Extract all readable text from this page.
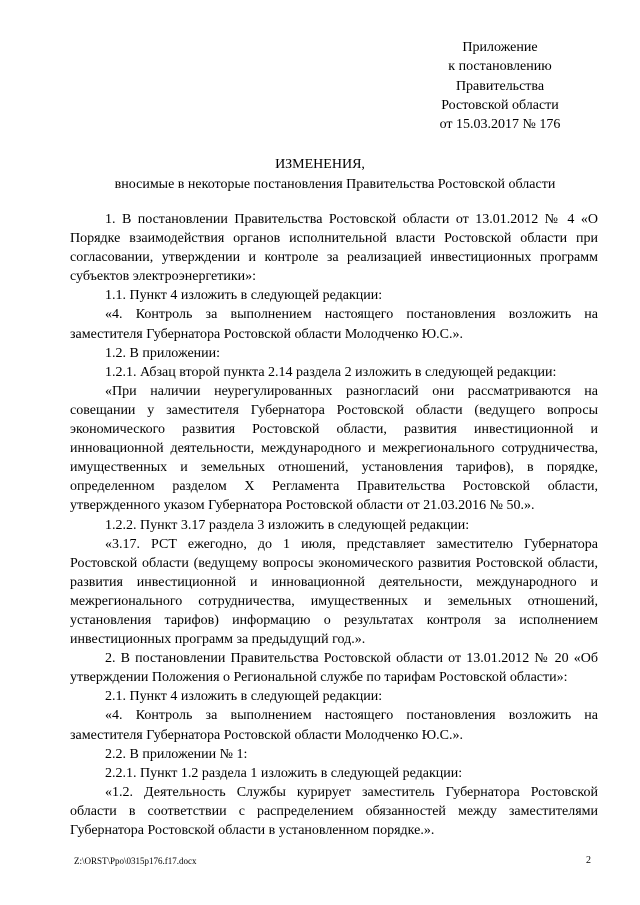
Приложение
к постановлению
Правительства
Ростовской области
от 15.03.2017 № 176
ИЗМЕНЕНИЯ,
вносимые в некоторые постановления Правительства Ростовской области

1. В постановлении Правительства Ростовской области от 13.01.2012 № 4 «О Порядке взаимодействия органов исполнительной власти Ростовской области при согласовании, утверждении и контроле за реализацией инвестиционных программ субъектов электроэнергетики»:

1.1. Пункт 4 изложить в следующей редакции:

«4. Контроль за выполнением настоящего постановления возложить на заместителя Губернатора Ростовской области Молодченко Ю.С.».

1.2. В приложении:

1.2.1. Абзац второй пункта 2.14 раздела 2 изложить в следующей редакции:

«При наличии неурегулированных разногласий они рассматриваются на совещании у заместителя Губернатора Ростовской области (ведущего вопросы экономического развития Ростовской области, развития инвестиционной и инновационной деятельности, международного и межрегионального сотрудничества, имущественных и земельных отношений, установления тарифов), в порядке, определенном разделом X Регламента Правительства Ростовской области, утвержденного указом Губернатора Ростовской области от 21.03.2016 № 50.».

1.2.2. Пункт 3.17 раздела 3 изложить в следующей редакции:

«3.17. РСТ ежегодно, до 1 июля, представляет заместителю Губернатора Ростовской области (ведущему вопросы экономического развития Ростовской области, развития инвестиционной и инновационной деятельности, международного и межрегионального сотрудничества, имущественных и земельных отношений, установления тарифов) информацию о результатах контроля за исполнением инвестиционных программ за предыдущий год.».

2. В постановлении Правительства Ростовской области от 13.01.2012 № 20 «Об утверждении Положения о Региональной службе по тарифам Ростовской области»:

2.1. Пункт 4 изложить в следующей редакции:

«4. Контроль за выполнением настоящего постановления возложить на заместителя Губернатора Ростовской области Молодченко Ю.С.».

2.2. В приложении № 1:

2.2.1. Пункт 1.2 раздела 1 изложить в следующей редакции:

«1.2. Деятельность Службы курирует заместитель Губернатора Ростовской области в соответствии с распределением обязанностей между заместителями Губернатора Ростовской области в установленном порядке.».

Z:\ORST\Ppo\0315p176.f17.docx	2
